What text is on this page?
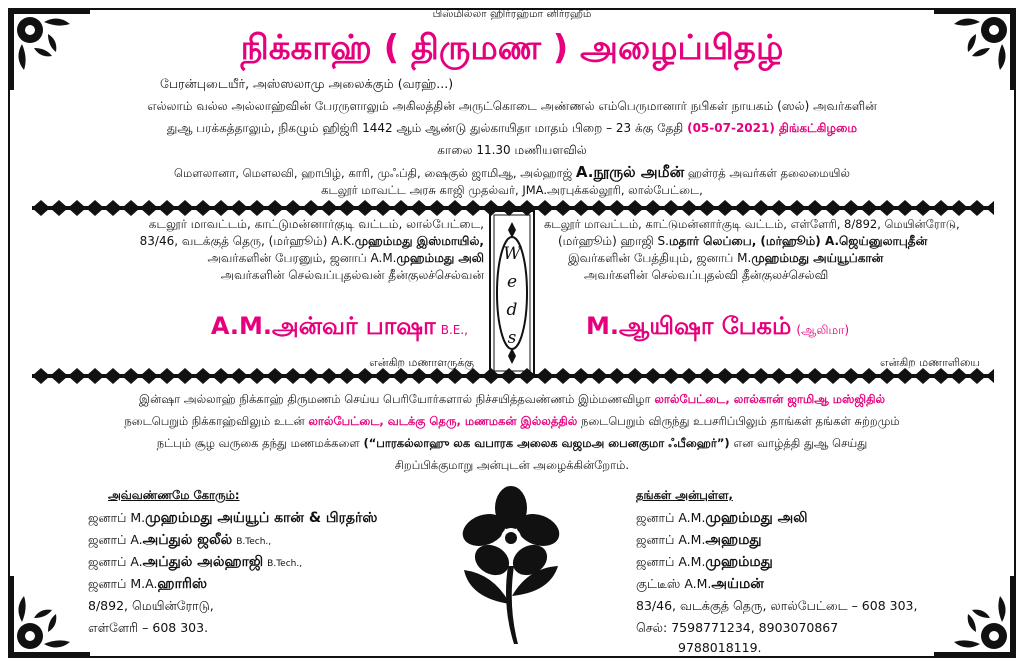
பிஸ்மில்லா ஹிர்ரஹ்மா னிர்ரஹீம்
நிக்காஹ் ( திருமண ) அழைப்பிதழ்
பேரன்புடையீர், அஸ்ஸலாமு அலைக்கும் (வரஹ்...)
எல்லாம் வல்ல அல்லாஹ்வின் பேரருளாலும் அகிலத்தின் அருட்கொடை அண்ணல் எம்பெருமானார் நபிகள் நாயகம் (ஸல்) அவர்களின்
துஆ பரக்கத்தாலும், நிகழும் ஹிஜ்ரி 1442 ஆம் ஆண்டு துல்காயிதா மாதம் பிறை – 23 க்கு தேதி (05-07-2021) திங்கட்கிழமை
காலை 11.30 மணியளவில்
மௌலானா, மௌலவி, ஹாபிழ், காரி, முஃப்தி, ஷைகுல் ஜாமிஆ, அல்ஹாஜ் A.நூருல் அமீன் ஹள்ரத் அவர்கள் தலைமையில்
கடலூர் மாவட்ட அரசு காஜி முதல்வர், JMA.அரபுக்கல்லூரி, லால்பேட்டை,
W
e
d
s
கடலூர் மாவட்டம், காட்டுமன்னார்குடி வட்டம், லால்பேட்டை,
83/46, வடக்குத் தெரு, (மர்ஹூம்) A.K.முஹம்மது இஸ்மாயில்,
அவர்களின் பேரனும், ஜனாப் A.M.முஹம்மது அலி
அவர்களின் செல்வப்புதல்வன் தீன்குலச்செல்வன்
A.M.அன்வர் பாஷா B.E.,
என்கிற மணாளருக்கு
கடலூர் மாவட்டம், காட்டுமன்னார்குடி வட்டம், எள்ளேரி, 8/892, மெயின்ரோடு,
(மர்ஹூம்) ஹாஜி S.மதார் லெப்பை, (மர்ஹூம்) A.ஜெய்னுலாபுதீன்
இவர்களின் பேத்தியும், ஜனாப் M.முஹம்மது அய்யூப்கான்
அவர்களின் செல்வப்புதல்வி தீன்குலச்செல்வி
M.ஆயிஷா பேகம் (ஆலிமா)
என்கிற மணாளியை
இன்ஷா அல்லாஹ் நிக்காஹ் திருமணம் செய்ய பெரியோர்களால் நிச்சயித்தவண்ணம் இம்மணவிழா லால்பேட்டை, லால்கான் ஜாமிஆ மஸ்ஜிதில்
நடைபெறும் நிக்காஹ்விலும் உடன் லால்பேட்டை, வடக்கு தெரு, மணமகன் இல்லத்தில் நடைபெறும் விருந்து உபசரிப்பிலும் தாங்கள் தங்கள் சுற்றமும்
நட்பும் சூழ வருகை தந்து மணமக்களை (“பாரகல்லாஹு லக வபாரக அலைக வஜமஅ பைனகுமா ஃபீஹைர்”) என வாழ்த்தி துஆ செய்து
சிறப்பிக்குமாறு அன்புடன் அழைக்கின்றோம்.
அவ்வண்ணமே கோரும்:
ஜனாப் M.முஹம்மது அய்யூப் கான் & பிரதர்ஸ்
ஜனாப் A.அப்துல் ஜலீல் B.Tech.,
ஜனாப் A.அப்துல் அல்ஹாஜி B.Tech.,
ஜனாப் M.A.ஹாரிஸ்
8/892, மெயின்ரோடு,
எள்ளேரி – 608 303.
தங்கள் அன்புள்ள,
ஜனாப் A.M.முஹம்மது அலி
ஜனாப் A.M.அஹமது
ஜனாப் A.M.முஹம்மது
குட்டீஸ் A.M.அய்மன்
83/46, வடக்குத் தெரு, லால்பேட்டை – 608 303,
செல்: 7598771234, 8903070867
9788018119.
